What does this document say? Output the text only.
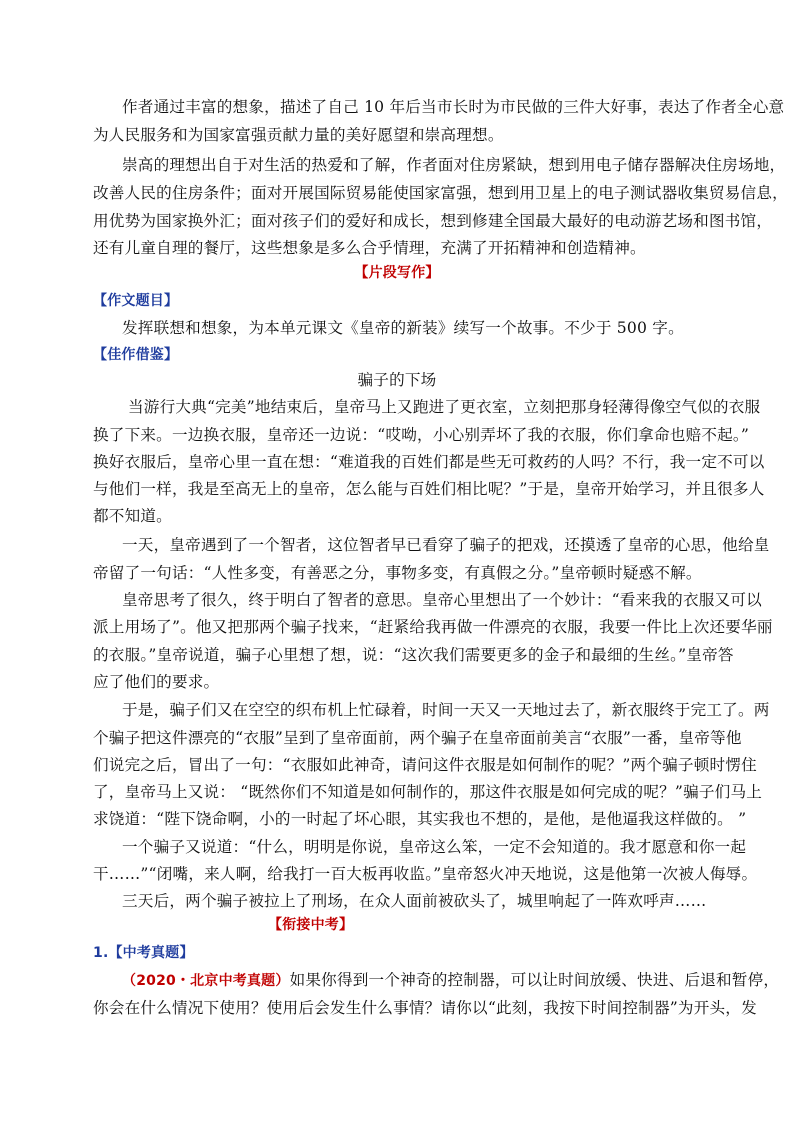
作者通过丰富的想象，描述了自己 10 年后当市长时为市民做的三件大好事，表达了作者全心意
为人民服务和为国家富强贡献力量的美好愿望和崇高理想。
崇高的理想出自于对生活的热爱和了解，作者面对住房紧缺，想到用电子储存器解决住房场地，
改善人民的住房条件；面对开展国际贸易能使国家富强，想到用卫星上的电子测试器收集贸易信息，
用优势为国家换外汇；面对孩子们的爱好和成长，想到修建全国最大最好的电动游艺场和图书馆，
还有儿童自理的餐厅，这些想象是多么合乎情理，充满了开拓精神和创造精神。
【片段写作】
【作文题目】
发挥联想和想象，为本单元课文《皇帝的新装》续写一个故事。不少于 500 字。
【佳作借鉴】
骗子的下场
当游行大典“完美”地结束后，皇帝马上又跑进了更衣室，立刻把那身轻薄得像空气似的衣服
换了下来。一边换衣服，皇帝还一边说：“哎呦，小心别弄坏了我的衣服，你们拿命也赔不起。”
换好衣服后，皇帝心里一直在想：“难道我的百姓们都是些无可救药的人吗？不行，我一定不可以
与他们一样，我是至高无上的皇帝，怎么能与百姓们相比呢？”于是，皇帝开始学习，并且很多人
都不知道。
一天，皇帝遇到了一个智者，这位智者早已看穿了骗子的把戏，还摸透了皇帝的心思，他给皇
帝留了一句话：“人性多变，有善恶之分，事物多变，有真假之分。”皇帝顿时疑惑不解。
皇帝思考了很久，终于明白了智者的意思。皇帝心里想出了一个妙计：“看来我的衣服又可以
派上用场了”。他又把那两个骗子找来，“赶紧给我再做一件漂亮的衣服，我要一件比上次还要华丽
的衣服。”皇帝说道，骗子心里想了想，说：“这次我们需要更多的金子和最细的生丝。”皇帝答
应了他们的要求。
于是，骗子们又在空空的织布机上忙碌着，时间一天又一天地过去了，新衣服终于完工了。两
个骗子把这件漂亮的“衣服”呈到了皇帝面前，两个骗子在皇帝面前美言“衣服”一番，皇帝等他
们说完之后，冒出了一句：“衣服如此神奇，请问这件衣服是如何制作的呢？”两个骗子顿时愣住
了，皇帝马上又说： “既然你们不知道是如何制作的，那这件衣服是如何完成的呢？”骗子们马上
求饶道：“陛下饶命啊，小的一时起了坏心眼，其实我也不想的，是他，是他逼我这样做的。 ”
一个骗子又说道：“什么，明明是你说，皇帝这么笨，一定不会知道的。我才愿意和你一起
干……”“闭嘴，来人啊，给我打一百大板再收监。”皇帝怒火冲天地说，这是他第一次被人侮辱。
三天后，两个骗子被拉上了刑场，在众人面前被砍头了，城里响起了一阵欢呼声……
【衔接中考】
1.【中考真题】
（2020・北京中考真题）如果你得到一个神奇的控制器，可以让时间放缓、快进、后退和暂停，
你会在什么情况下使用？使用后会发生什么事情？请你以“此刻，我按下时间控制器”为开头，发
